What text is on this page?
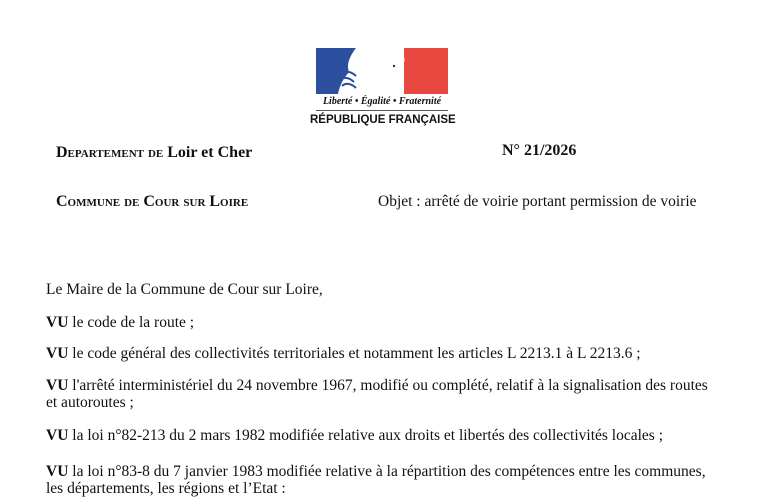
Liberté • Égalité • Fraternité
RÉPUBLIQUE FRANÇAISE
Departement de Loir et Cher
Commune de Cour sur Loire
N° 21/2026
Objet : arrêté de voirie portant permission de voirie
Le Maire de la Commune de Cour sur Loire,
VU le code de la route ;
VU le code général des collectivités territoriales et notamment les articles L 2213.1 à L 2213.6 ;
VU l'arrêté interministériel du 24 novembre 1967, modifié ou complété, relatif à la signalisation des routes et autoroutes ;
VU la loi n°82-213 du 2 mars 1982 modifiée relative aux droits et libertés des collectivités locales ;
VU la loi n°83-8 du 7 janvier 1983 modifiée relative à la répartition des compétences entre les communes, les départements, les régions et l’Etat :
